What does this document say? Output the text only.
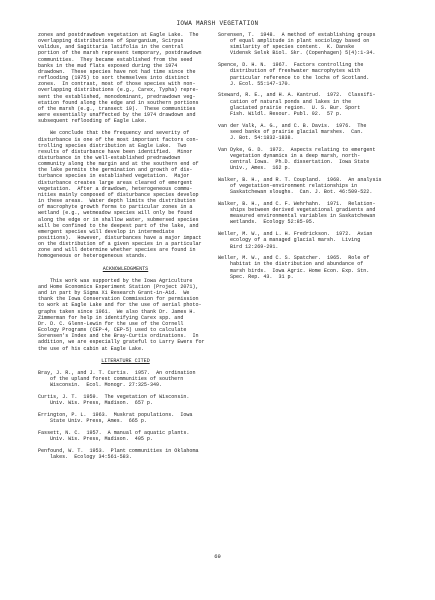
IOWA MARSH VEGETATION
zones and postdrawdown vegetation at Eagle Lake.  The
overlapping distributions of Sparganium, Scirpus
validus, and Sagittaria latifolia in the central
portion of the marsh represent temporary, postdrawdown
communities.  They became established from the seed
banks in the mud flats exposed during the 1974
drawdown.  These species have not had time since the
reflooding (1975) to sort themselves into distinct
zones.  In contrast, most of those species with non-
overlapping distributions (e.g., Carex, Typha) repre-
sent the established, monodominant, predrawdown veg-
etation found along the edge and in southern portions
of the marsh (e.g., transect 10).  These communities
were essentially unaffected by the 1974 drawdown and
subsequent reflooding of Eagle Lake.
We conclude that the frequency and severity of
disturbance is one of the most important factors con-
trolling species distribution at Eagle Lake.  Two
results of disturbance have been identified.  Minor
disturbance in the well-established predrawdown
community along the margin and at the southern end of
the lake permits the germination and growth of dis-
turbance species in established vegetation.  Major
disturbance creates large areas cleared of emergent
vegetation.  After a drawdown, heterogeneous commu-
nities mainly composed of disturbance species develop
in these areas.  Water depth limits the distribution
of macrophyte growth forms to particular zones in a
wetland (e.g., wetmeadow species will only be found
along the edge or in shallow water, submersed species
will be confined to the deepest part of the lake, and
emergent species will develop in intermediate
positions).  However, disturbances have a major impact
on the distribution of a given species in a particular
zone and will determine whether species are found in
homogeneous or heterogeneous stands.
ACKNOWLEDGMENTS
This work was supported by the Iowa Agriculture
and Home Economics Experiment Station (Project 2071),
and in part by Sigma Xi Research Grant-in-Aid.  We
thank the Iowa Conservation Commission for permission
to work at Eagle Lake and for the use of aerial photo-
graphs taken since 1961.  We also thank Dr. James H.
Zimmerman for help in identifying Carex spp. and
Dr. D. C. Glenn-Lewin for the use of the Cornell
Ecology Programs (CEP-4, CEP-5) used to calculate
Sorensen's Index and the Bray-Curtis ordinations.  In
addition, we are especially grateful to Larry Ewers for
the use of his cabin at Eagle Lake.
LITERATURE CITED
Bray, J. R., and J. T. Curtis.  1957.  An ordination
of the upland forest communities of southern
Wisconsin.  Ecol. Monogr. 27:325-349.
Curtis, J. T.  1959.  The vegetation of Wisconsin.
Univ. Wis. Press, Madison.  657 p.
Errington, P. L.  1963.  Muskrat populations.  Iowa
State Univ. Press, Ames.  665 p.
Fassett, N. C.  1957.  A manual of aquatic plants.
Univ. Wis. Press, Madison.  405 p.
Penfound, W. T.  1953.  Plant communities in Oklahoma
lakes.  Ecology 34:561-583.
Sorensen, T.  1948.  A method of establishing groups
of equal amplitude in plant sociology based on
similarity of species content.  K. Danske
Vidensk Selsk Biol. Skr. (Copenhagen) 5(4):1-34.
Spence, D. H. N.  1967.  Factors controlling the
distribution of freshwater macrophytes with
particular reference to the lochs of Scotland.
J. Ecol. 55:147-170.
Steward, R. E., and H. A. Kantrud.  1972.  Classifi-
cation of natural ponds and lakes in the
glaciated prairie region.  U. S. Bur. Sport
Fish. Wildl. Resour. Publ. 92.  57 p.
van der Valk, A. G., and C. B. Davis.  1976.  The
seed banks of prairie glacial marshes.  Can.
J. Bot. 54:1832-1838.
Van Dyke, G. D.  1972.  Aspects relating to emergent
vegetation dynamics in a deep marsh, north-
central Iowa.  Ph.D. dissertation.  Iowa State
Univ., Ames.  162 p.
Walker, B. H., and R. T. Coupland.  1968.  An analysis
of vegetation-environment relationships in
Saskatchewan sloughs.  Can. J. Bot. 46:509-522.
Walker, B. H., and C. F. Wehrhahn.  1971.  Relation-
ships between derived vegetational gradients and
measured environmental variables in Saskatchewan
wetlands.  Ecology 52:85-95.
Weller, M. W., and L. H. Fredrickson.  1972.  Avian
ecology of a managed glacial marsh.  Living
Bird 12:269-291.
Weller, M. W., and C. S. Spatcher.  1965.  Role of
habitat in the distribution and abundance of
marsh birds.  Iowa Agric. Home Econ. Exp. Stn.
Spec. Rep. 43.  31 p.
69
